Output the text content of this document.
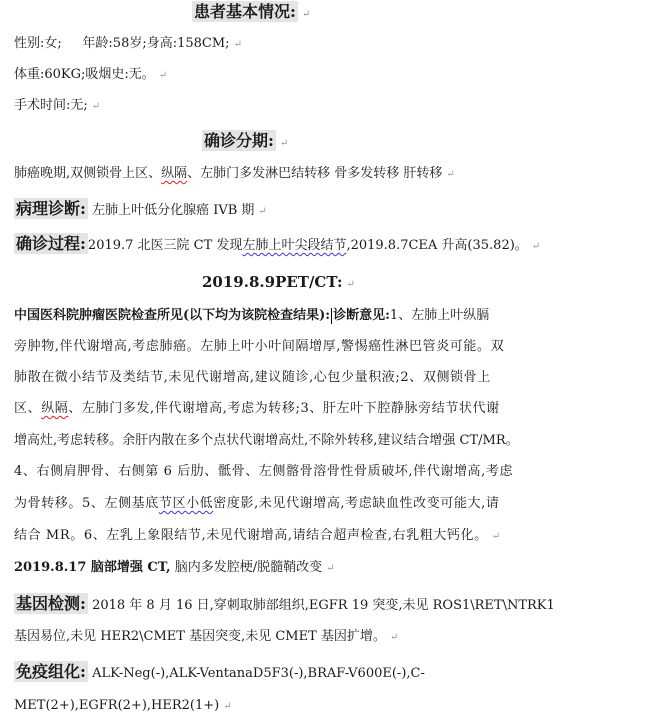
患者基本情况: ↵
性别:女;     年龄:58岁;身高:158CM; ↵
体重:60KG;吸烟史:无。 ↵
手术时间:无; ↵
确诊分期: ↵
肺癌晚期,双侧锁骨上区、纵隔、左肺门多发淋巴结转移 骨多发转移 肝转移 ↵
病理诊断: 左肺上叶低分化腺癌 IVB 期 ↵
确诊过程: 2019.7 北医三院 CT 发现左肺上叶尖段结节,2019.8.7CEA 升高(35.82)。 ↵
2019.8.9PET/CT: ↵
中国医科院肿瘤医院检查所见(以下均为该院检查结果): 诊断意见:1、左肺上叶纵膈
旁肿物,伴代谢增高,考虑肺癌。左肺上叶小叶间隔增厚,警惕癌性淋巴管炎可能。双
肺散在微小结节及类结节,未见代谢增高,建议随诊,心包少量积液;2、双侧锁骨上
区、纵隔、左肺门多发,伴代谢增高,考虑为转移;3、肝左叶下腔静脉旁结节状代谢
增高灶,考虑转移。余肝内散在多个点状代谢增高灶,不除外转移,建议结合增强 CT/MR。
4、右侧肩胛骨、右侧第 6 后肋、骶骨、左侧髂骨溶骨性骨质破坏,伴代谢增高,考虑
为骨转移。5、左侧基底节区小低密度影,未见代谢增高,考虑缺血性改变可能大,请
结合 MR。6、左乳上象限结节,未见代谢增高,请结合超声检查,右乳粗大钙化。 ↵
2019.8.17 脑部增强 CT, 脑内多发腔梗/脱髓鞘改变 ↵
基因检测: 2018 年 8 月 16 日,穿刺取肺部组织,EGFR 19 突变,未见 ROS1\RET\NTRK1
基因易位,未见 HER2\CMET 基因突变,未见 CMET 基因扩增。 ↵
免疫组化: ALK-Neg(-),ALK-VentanaD5F3(-),BRAF-V600E(-),C-
MET(2+),EGFR(2+),HER2(1+) ↵
